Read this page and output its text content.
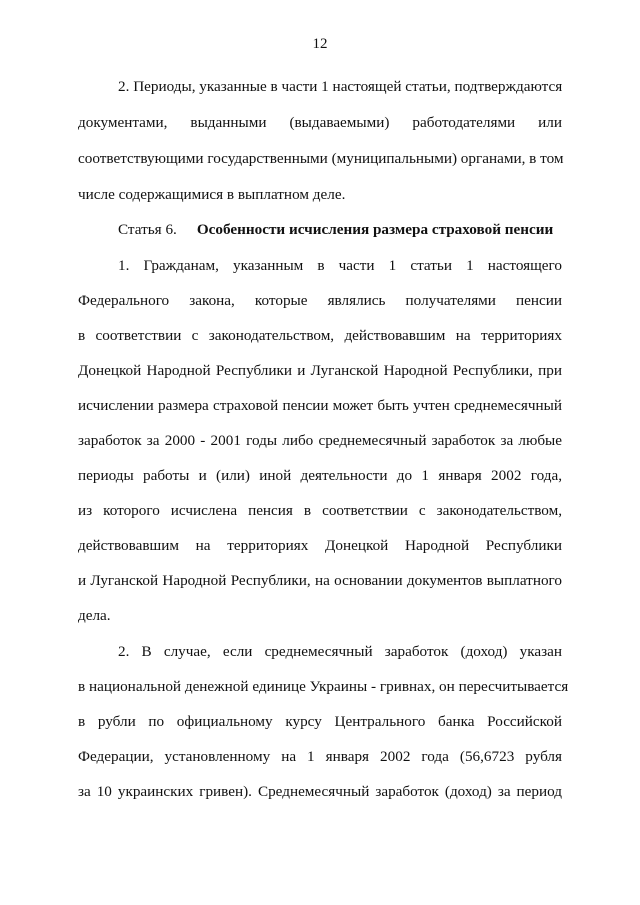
12
2. Периоды, указанные в части 1 настоящей статьи, подтверждаются
документами, выданными (выдаваемыми) работодателями или
соответствующими государственными (муниципальными) органами, в том
числе содержащимися в выплатном деле.
Статья 6. Особенности исчисления размера страховой пенсии
1. Гражданам, указанным в части 1 статьи 1 настоящего
Федерального закона, которые являлись получателями пенсии
в соответствии с законодательством, действовавшим на территориях
Донецкой Народной Республики и Луганской Народной Республики, при
исчислении размера страховой пенсии может быть учтен среднемесячный
заработок за 2000 - 2001 годы либо среднемесячный заработок за любые
периоды работы и (или) иной деятельности до 1 января 2002 года,
из которого исчислена пенсия в соответствии с законодательством,
действовавшим на территориях Донецкой Народной Республики
и Луганской Народной Республики, на основании документов выплатного
дела.
2. В случае, если среднемесячный заработок (доход) указан
в национальной денежной единице Украины - гривнах, он пересчитывается
в рубли по официальному курсу Центрального банка Российской
Федерации, установленному на 1 января 2002 года (56,6723 рубля
за 10 украинских гривен). Среднемесячный заработок (доход) за период
